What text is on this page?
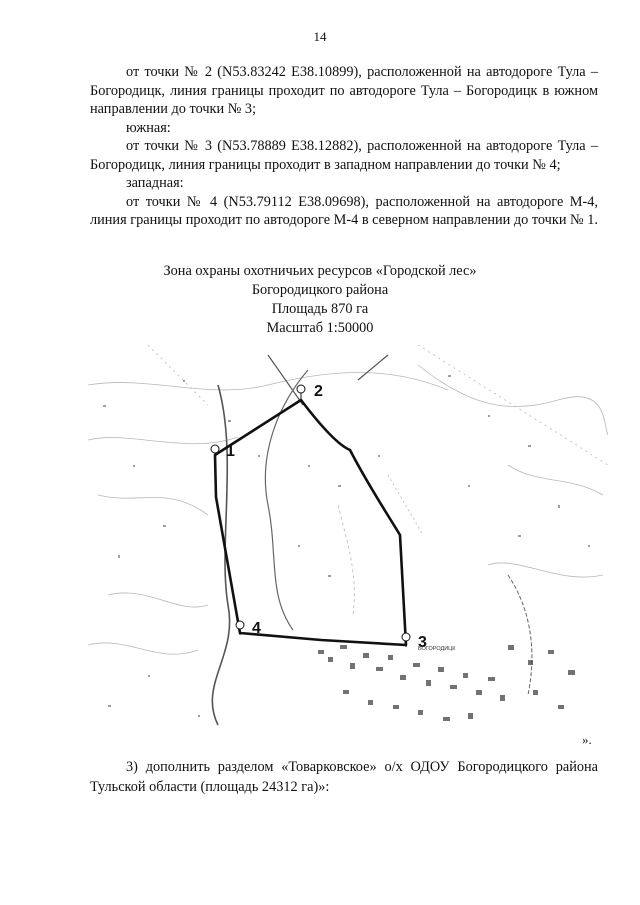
14

от точки № 2 (N53.83242 E38.10899), расположенной на автодороге Тула – Богородицк, линия границы проходит по автодороге Тула – Богородицк в южном направлении до точки № 3;

южная:

от точки № 3 (N53.78889 E38.12882), расположенной на автодороге Тула – Богородицк, линия границы проходит в западном направлении до точки № 4;

западная:

от точки № 4 (N53.79112 E38.09698), расположенной на автодороге М-4, линия границы проходит по автодороге М-4 в северном направлении до точки № 1.

Зона охраны охотничьих ресурсов «Городской лес»
Богородицкого района
Площадь 870 га
Масштаб 1:50000
БОГОРОДИЦК
1
2
3
4
».

3) дополнить разделом «Товарковское» о/х ОДОУ Богородицкого района Тульской области (площадь 24312 га)»:
